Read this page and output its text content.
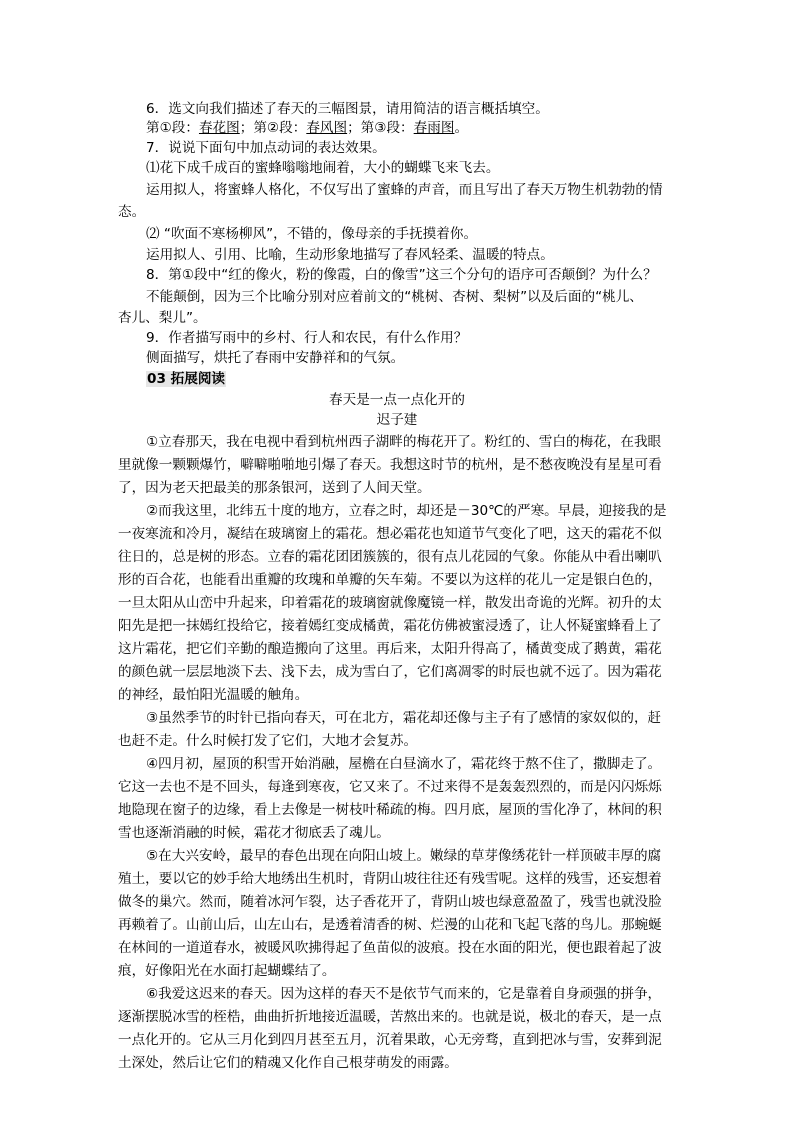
6．选文向我们描述了春天的三幅图景，请用简洁的语言概括填空。
第①段：春花图；第②段：春风图；第③段：春雨图。
7．说说下面句中加点动词的表达效果。
⑴花下成千成百的蜜蜂嗡嗡地闹着，大小的蝴蝶飞来飞去。
运用拟人，将蜜蜂人格化，不仅写出了蜜蜂的声音，而且写出了春天万物生机勃勃的情
态。
⑵ “吹面不寒杨柳风”，不错的，像母亲的手抚摸着你。
运用拟人、引用、比喻，生动形象地描写了春风轻柔、温暖的特点。
8．第①段中“红的像火，粉的像霞，白的像雪”这三个分句的语序可否颠倒？为什么？
不能颠倒，因为三个比喻分别对应着前文的“桃树、杏树、梨树”以及后面的“桃儿、
杏儿、梨儿”。
9．作者描写雨中的乡村、行人和农民，有什么作用？
侧面描写，烘托了春雨中安静祥和的气氛。
03 拓展阅读
春天是一点一点化开的
迟子建
①立春那天，我在电视中看到杭州西子湖畔的梅花开了。粉红的、雪白的梅花，在我眼
里就像一颗颗爆竹，噼噼啪啪地引爆了春天。我想这时节的杭州，是不愁夜晚没有星星可看
了，因为老天把最美的那条银河，送到了人间天堂。
②而我这里，北纬五十度的地方，立春之时，却还是－30℃的严寒。早晨，迎接我的是
一夜寒流和冷月，凝结在玻璃窗上的霜花。想必霜花也知道节气变化了吧，这天的霜花不似
往日的，总是树的形态。立春的霜花团团簇簇的，很有点儿花园的气象。你能从中看出喇叭
形的百合花，也能看出重瓣的玫瑰和单瓣的矢车菊。不要以为这样的花儿一定是银白色的，
一旦太阳从山峦中升起来，印着霜花的玻璃窗就像魔镜一样，散发出奇诡的光辉。初升的太
阳先是把一抹嫣红投给它，接着嫣红变成橘黄，霜花仿佛被蜜浸透了，让人怀疑蜜蜂看上了
这片霜花，把它们辛勤的酿造搬向了这里。再后来，太阳升得高了，橘黄变成了鹅黄，霜花
的颜色就一层层地淡下去、浅下去，成为雪白了，它们离凋零的时辰也就不远了。因为霜花
的神经，最怕阳光温暖的触角。
③虽然季节的时针已指向春天，可在北方，霜花却还像与主子有了感情的家奴似的，赶
也赶不走。什么时候打发了它们，大地才会复苏。
④四月初，屋顶的积雪开始消融，屋檐在白昼滴水了，霜花终于熬不住了，撒脚走了。
它这一去也不是不回头，每逢到寒夜，它又来了。不过来得不是轰轰烈烈的，而是闪闪烁烁
地隐现在窗子的边缘，看上去像是一树枝叶稀疏的梅。四月底，屋顶的雪化净了，林间的积
雪也逐渐消融的时候，霜花才彻底丢了魂儿。
⑤在大兴安岭，最早的春色出现在向阳山坡上。嫩绿的草芽像绣花针一样顶破丰厚的腐
殖土，要以它的妙手给大地绣出生机时，背阴山坡往往还有残雪呢。这样的残雪，还妄想着
做冬的巢穴。然而，随着冰河乍裂，达子香花开了，背阴山坡也绿意盈盈了，残雪也就没脸
再赖着了。山前山后，山左山右，是透着清香的树、烂漫的山花和飞起飞落的鸟儿。那蜿蜒
在林间的一道道春水，被暖风吹拂得起了鱼苗似的波痕。投在水面的阳光，便也跟着起了波
痕，好像阳光在水面打起蝴蝶结了。
⑥我爱这迟来的春天。因为这样的春天不是依节气而来的，它是靠着自身顽强的拼争，
逐渐摆脱冰雪的桎梏，曲曲折折地接近温暖，苦熬出来的。也就是说，极北的春天，是一点
一点化开的。它从三月化到四月甚至五月，沉着果敢，心无旁骛，直到把冰与雪，安葬到泥
土深处，然后让它们的精魂又化作自己根芽萌发的雨露。
